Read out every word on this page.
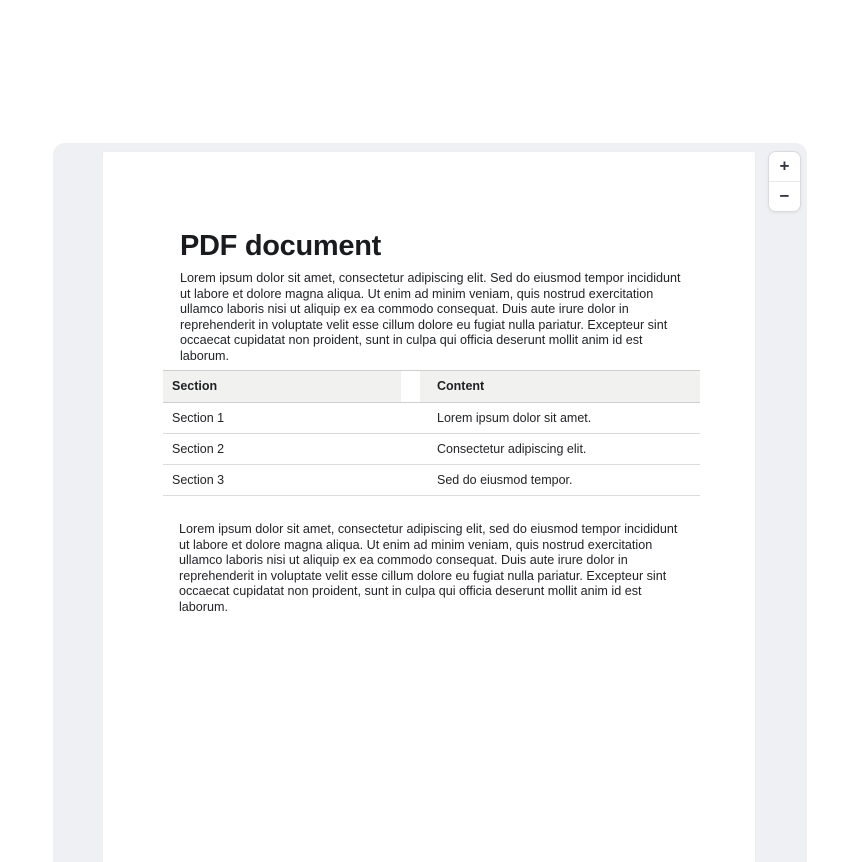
PDF document

Lorem ipsum dolor sit amet, consectetur adipiscing elit. Sed do eiusmod tempor incididunt ut labore et dolore magna aliqua. Ut enim ad minim veniam, quis nostrud exercitation ullamco laboris nisi ut aliquip ex ea commodo consequat. Duis aute irure dolor in reprehenderit in voluptate velit esse cillum dolore eu fugiat nulla pariatur. Excepteur sint occaecat cupidatat non proident, sunt in culpa qui officia deserunt mollit anim id est laborum.

Section	Content
Section 1	Lorem ipsum dolor sit amet.
Section 2	Consectetur adipiscing elit.
Section 3	Sed do eiusmod tempor.

Lorem ipsum dolor sit amet, consectetur adipiscing elit, sed do eiusmod tempor incididunt ut labore et dolore magna aliqua. Ut enim ad minim veniam, quis nostrud exercitation ullamco laboris nisi ut aliquip ex ea commodo consequat. Duis aute irure dolor in reprehenderit in voluptate velit esse cillum dolore eu fugiat nulla pariatur. Excepteur sint occaecat cupidatat non proident, sunt in culpa qui officia deserunt mollit anim id est laborum.

+
−
